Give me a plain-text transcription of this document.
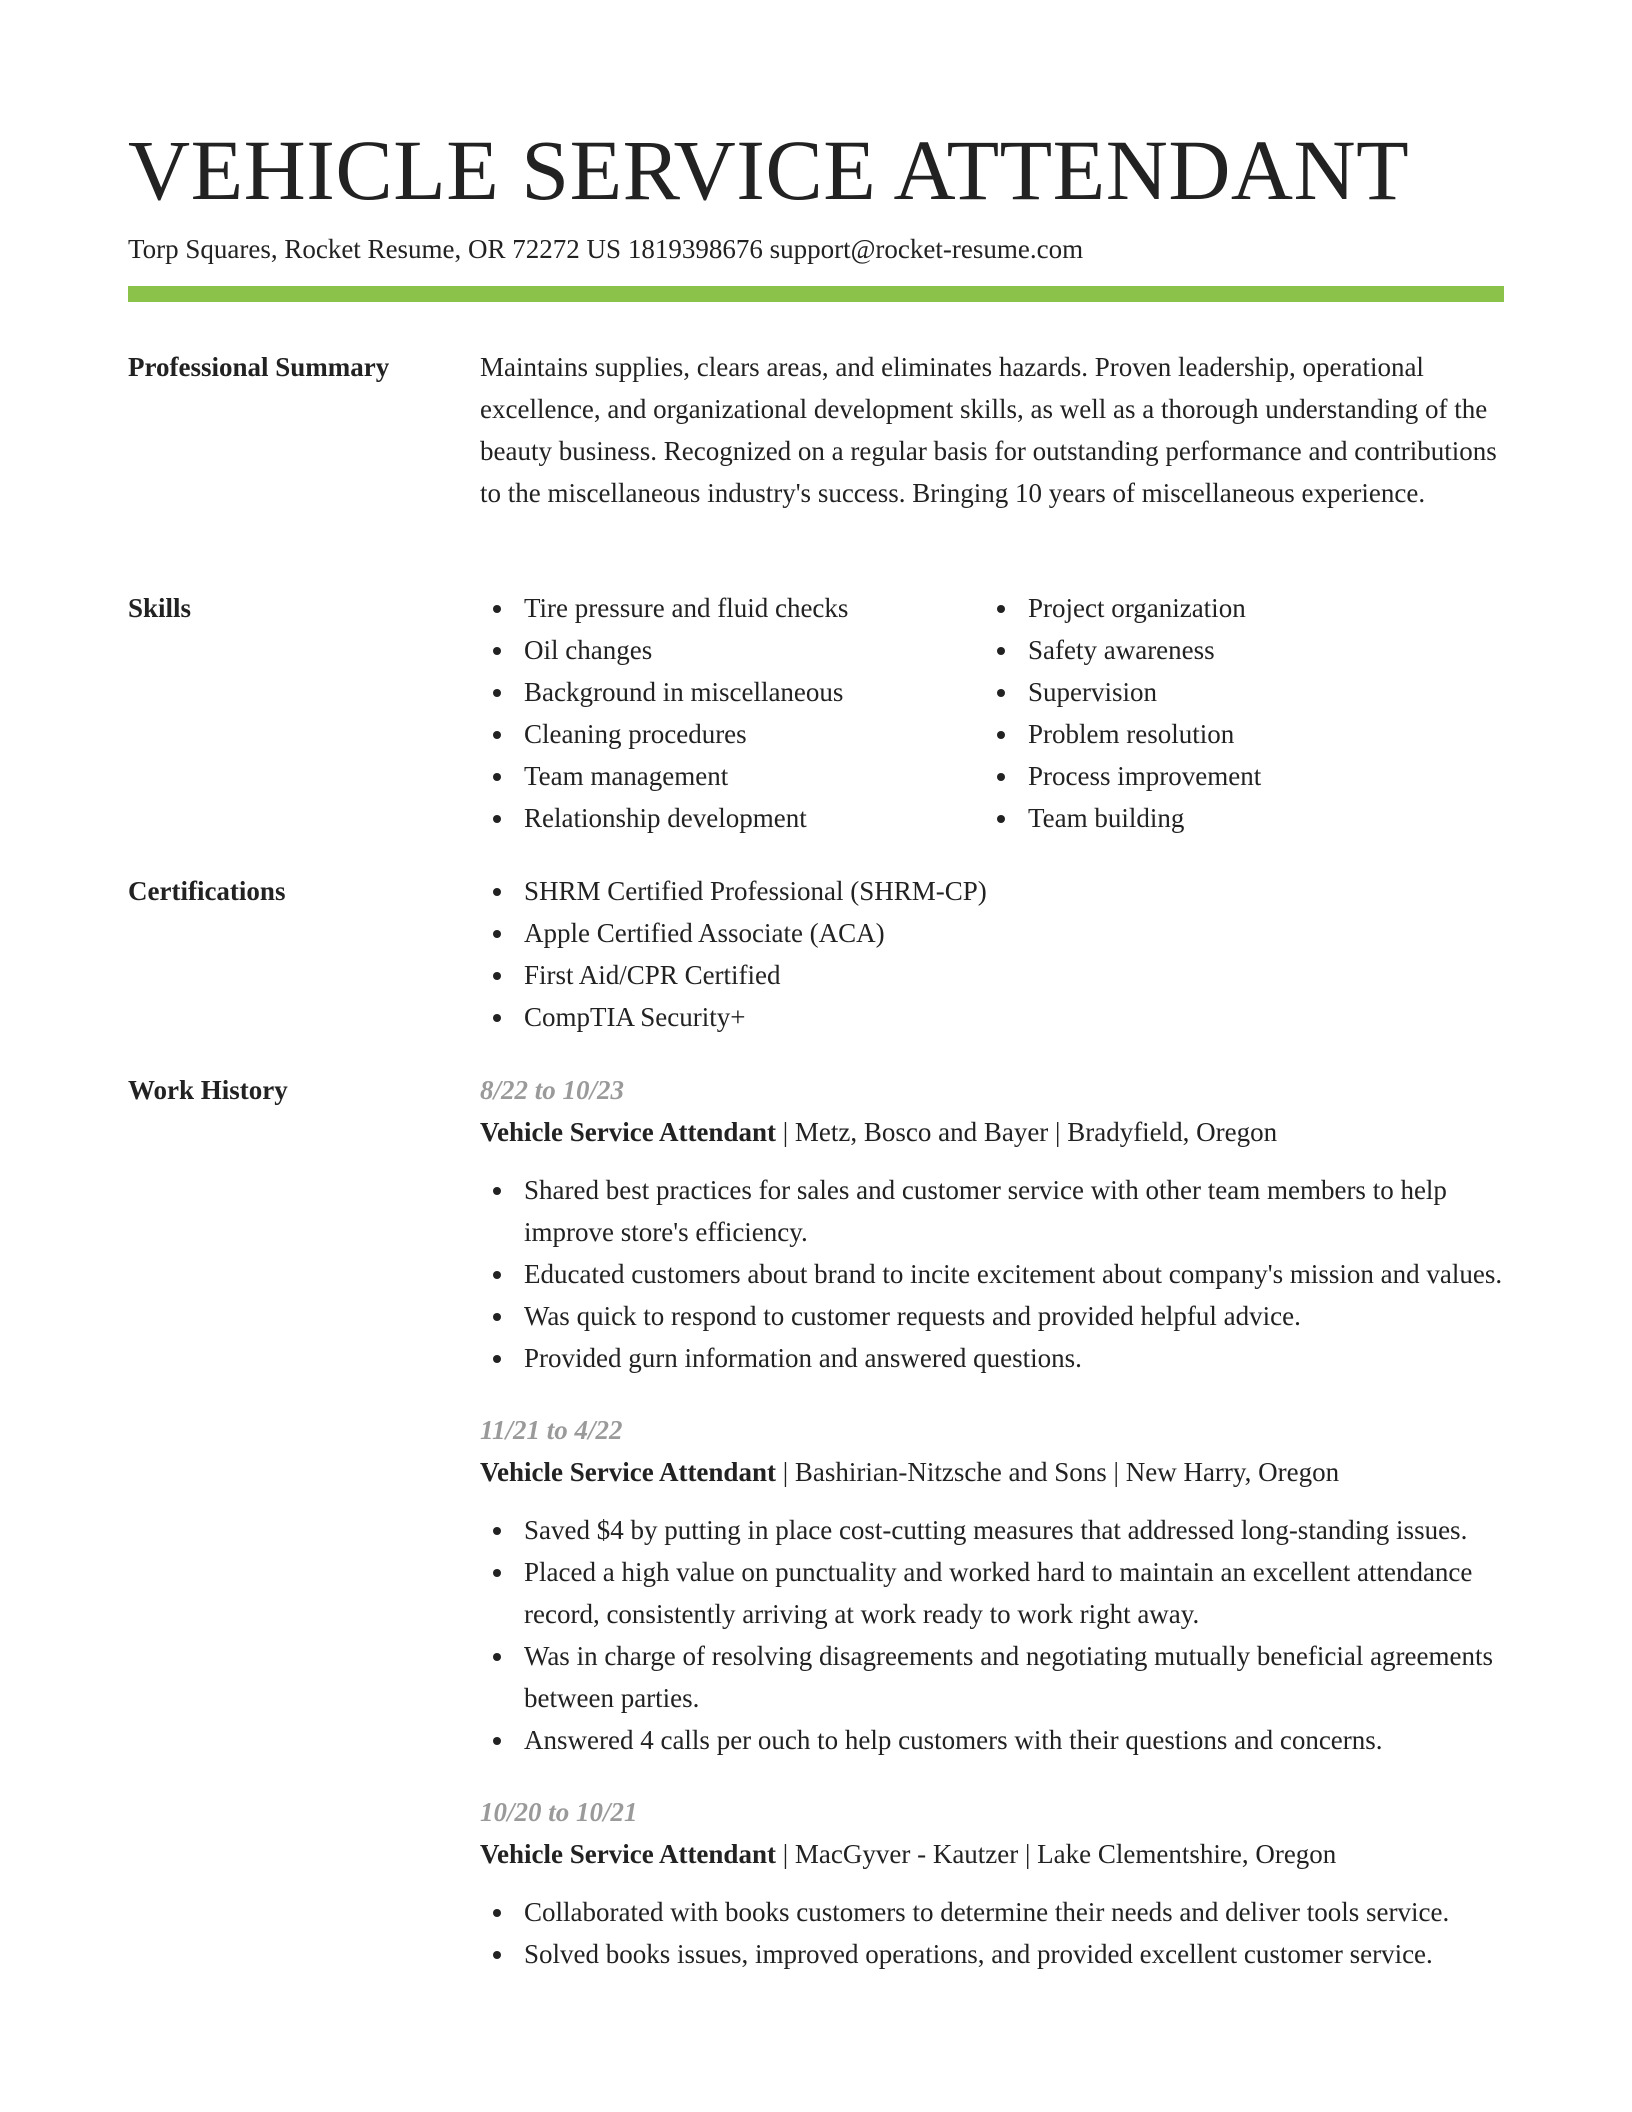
VEHICLE SERVICE ATTENDANT
Torp Squares, Rocket Resume, OR 72272 US 1819398676 support@rocket-resume.com
Professional Summary	Maintains supplies, clears areas, and eliminates hazards. Proven leadership, operational excellence, and organizational development skills, as well as a thorough understanding of the beauty business. Recognized on a regular basis for outstanding performance and contributions to the miscellaneous industry's success. Bringing 10 years of miscellaneous experience.

Skills	Tire pressure and fluid checks
Oil changes
Background in miscellaneous
Cleaning procedures
Team management
Relationship development
Project organization
Safety awareness
Supervision
Problem resolution
Process improvement
Team building
Certifications	SHRM Certified Professional (SHRM-CP)
Apple Certified Associate (ACA)
First Aid/CPR Certified
CompTIA Security+
Work History	8/22 to 10/23
Vehicle Service Attendant | Metz, Bosco and Bayer | Bradyfield, Oregon
Shared best practices for sales and customer service with other team members to help improve store's efficiency.
Educated customers about brand to incite excitement about company's mission and values.
Was quick to respond to customer requests and provided helpful advice.
Provided gurn information and answered questions.
11/21 to 4/22
Vehicle Service Attendant | Bashirian-Nitzsche and Sons | New Harry, Oregon
Saved $4 by putting in place cost-cutting measures that addressed long-standing issues.
Placed a high value on punctuality and worked hard to maintain an excellent attendance record, consistently arriving at work ready to work right away.
Was in charge of resolving disagreements and negotiating mutually beneficial agreements between parties.
Answered 4 calls per ouch to help customers with their questions and concerns.
10/20 to 10/21
Vehicle Service Attendant | MacGyver - Kautzer | Lake Clementshire, Oregon
Collaborated with books customers to determine their needs and deliver tools service.
Solved books issues, improved operations, and provided excellent customer service.
